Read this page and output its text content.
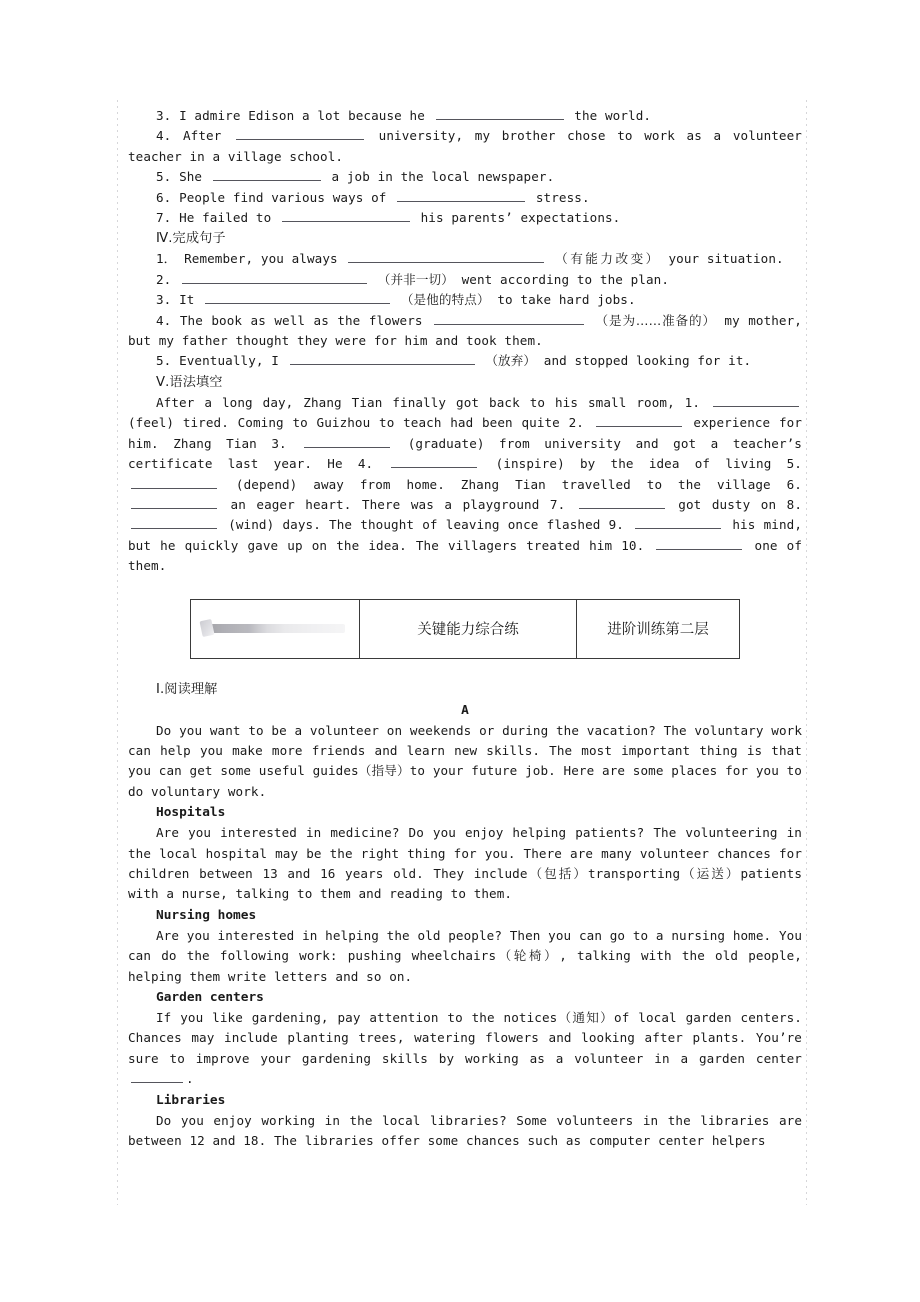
3. I admire Edison a lot because he	the world.

4. After	university, my brother chose to work as a volunteer teacher in a village school.

5. She	a job in the local newspaper.

6. People find various ways of	stress.

7. He failed to	his parents’ expectations.

Ⅳ.完成句子

1． Remember, you always	（有能力改变） your situation.

2.	（并非一切） went according to the plan.

3. It	（是他的特点） to take hard jobs.

4. The book as well as the flowers	（是为……准备的） my mother, but my father thought they were for him and took them.

5. Eventually, I	（放弃） and stopped looking for it.

Ⅴ.语法填空

After a long day, Zhang Tian finally got back to his small room, 1.  (feel) tired. Coming to Guizhou to teach had been quite 2.	experience for him. Zhang Tian 3.	(graduate) from university and got a teacher’s certificate last year. He 4.	(inspire) by the idea of living 5.  (depend) away from home. Zhang Tian travelled to the village 6.  an eager heart. There was a playground 7.	got dusty on 8.  (wind) days. The thought of leaving once flashed 9.	his mind, but he quickly gave up on the idea. The villagers treated him 10.	one of them.

	关键能力综合练	进阶训练第二层

Ⅰ.阅读理解

A

Do you want to be a volunteer on weekends or during the vacation? The voluntary work can help you make more friends and learn new skills. The most important thing is that you can get some useful guides（指导）to your future job. Here are some places for you to do voluntary work.

Hospitals

Are you interested in medicine? Do you enjoy helping patients? The volunteering in the local hospital may be the right thing for you. There are many volunteer chances for children between 13 and 16 years old. They include（包括）transporting（运送）patients with a nurse, talking to them and reading to them.

Nursing homes

Are you interested in helping the old people? Then you can go to a nursing home. You can do the following work: pushing wheelchairs（轮椅）, talking with the old people, helping them write letters and so on.

Garden centers

If you like gardening, pay attention to the notices（通知）of local garden centers. Chances may include planting trees, watering flowers and looking after plants. You’re sure to improve your gardening skills by working as a volunteer in a garden center .

Libraries

Do you enjoy working in the local libraries? Some volunteers in the libraries are between 12 and 18. The libraries offer some chances such as computer center helpers
